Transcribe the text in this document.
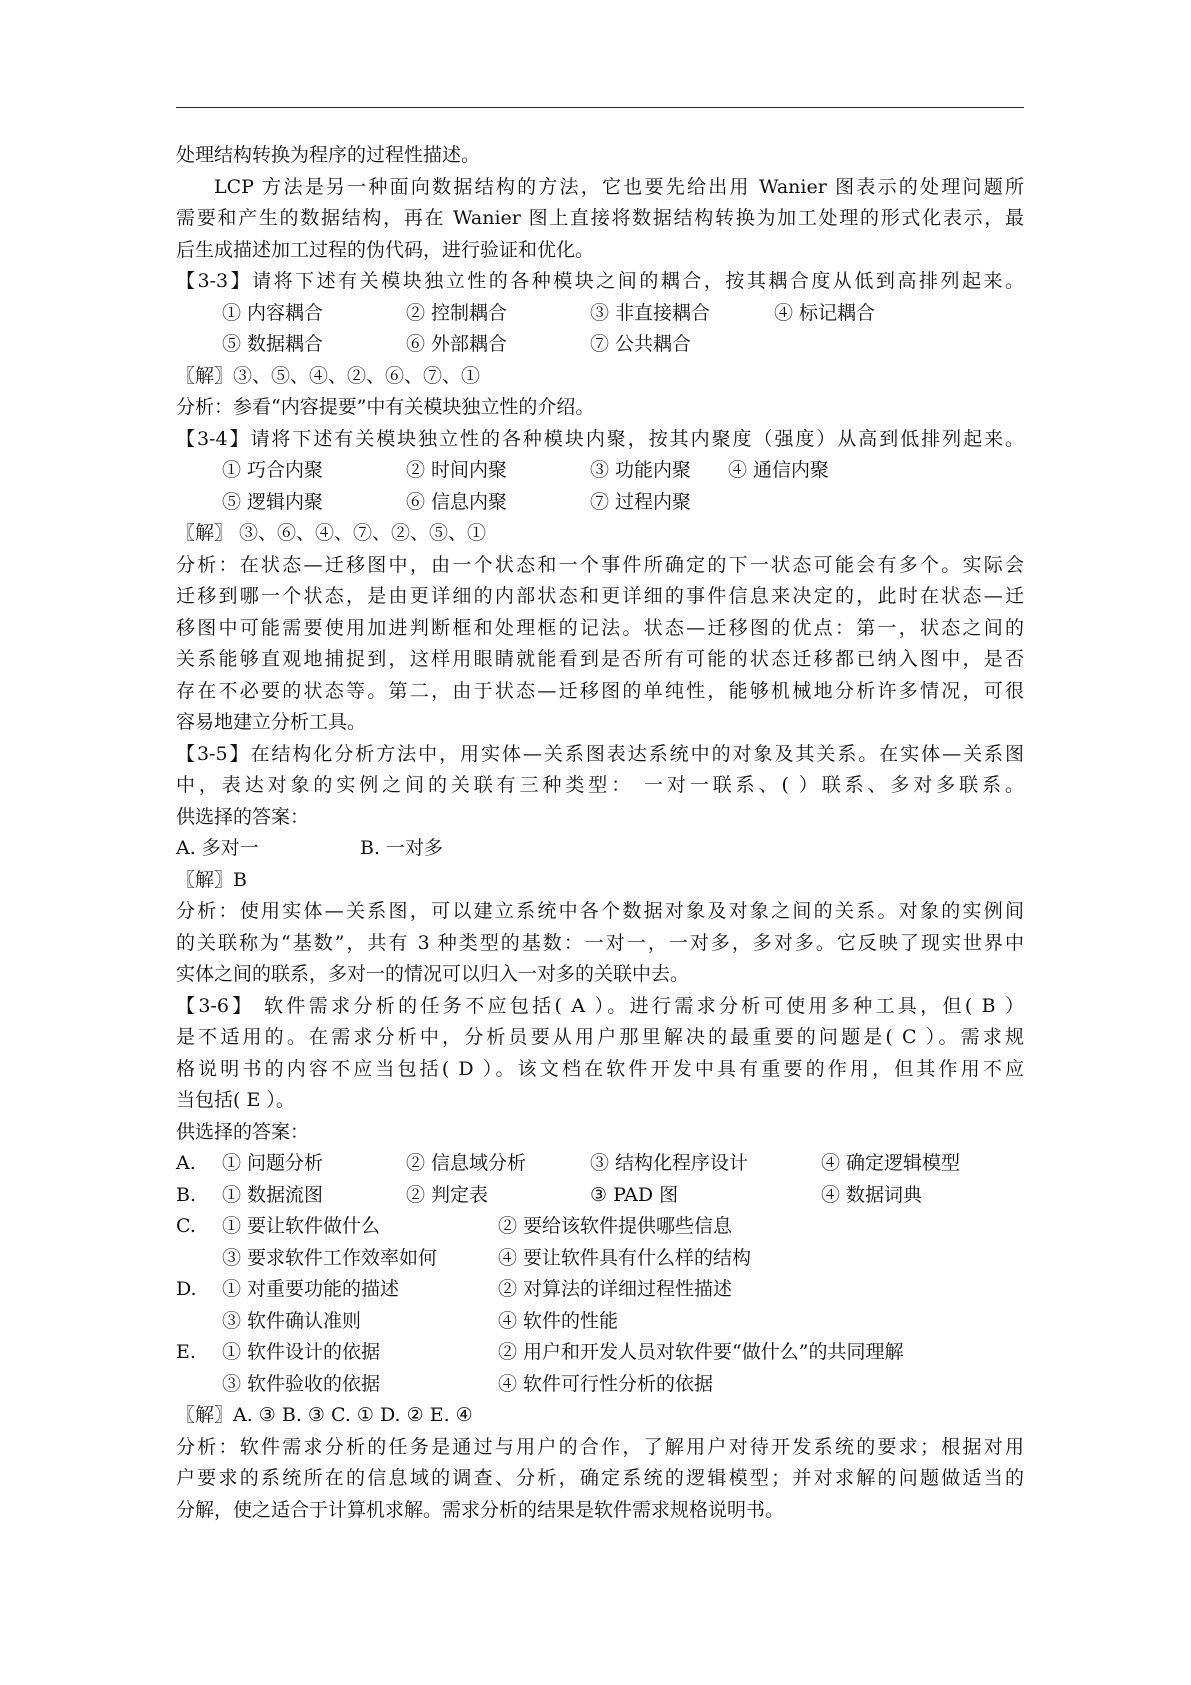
处理结构转换为程序的过程性描述。
LCP 方法是另一种面向数据结构的方法，它也要先给出用 Wanier 图表示的处理问题所
需要和产生的数据结构，再在 Wanier 图上直接将数据结构转换为加工处理的形式化表示，最
后生成描述加工过程的伪代码，进行验证和优化。
【3-3】请将下述有关模块独立性的各种模块之间的耦合，按其耦合度从低到高排列起来。
① 内容耦合	② 控制耦合	③ 非直接耦合	④ 标记耦合
⑤ 数据耦合	⑥ 外部耦合	⑦ 公共耦合
〖解〗③、⑤、④、②、⑥、⑦、①
分析：参看“内容提要”中有关模块独立性的介绍。
【3-4】请将下述有关模块独立性的各种模块内聚，按其内聚度（强度）从高到低排列起来。
① 巧合内聚	② 时间内聚	③ 功能内聚 ④ 通信内聚
⑤ 逻辑内聚	⑥ 信息内聚	⑦ 过程内聚
〖解〗 ③、⑥、④、⑦、②、⑤、①
分析：在状态—迁移图中，由一个状态和一个事件所确定的下一状态可能会有多个。实际会
迁移到哪一个状态，是由更详细的内部状态和更详细的事件信息来决定的，此时在状态—迁
移图中可能需要使用加进判断框和处理框的记法。状态—迁移图的优点：第一，状态之间的
关系能够直观地捕捉到，这样用眼睛就能看到是否所有可能的状态迁移都已纳入图中，是否
存在不必要的状态等。第二，由于状态—迁移图的单纯性，能够机械地分析许多情况，可很
容易地建立分析工具。
【3-5】在结构化分析方法中，用实体—关系图表达系统中的对象及其关系。在实体—关系图
中，表达对象的实例之间的关联有三种类型： 一对一联系、( ）联系、多对多联系。
供选择的答案：
A. 多对一	B. 一对多
〖解〗B
分析：使用实体—关系图，可以建立系统中各个数据对象及对象之间的关系。对象的实例间
的关联称为“基数”，共有 3 种类型的基数：一对一，一对多，多对多。它反映了现实世界中
实体之间的联系，多对一的情况可以归入一对多的关联中去。
【3-6】 软件需求分析的任务不应包括( A ）。进行需求分析可使用多种工具，但( B ）
是不适用的。在需求分析中，分析员要从用户那里解决的最重要的问题是( C ）。需求规
格说明书的内容不应当包括( D ）。该文档在软件开发中具有重要的作用，但其作用不应
当包括( E ）。
供选择的答案：
A. ① 问题分析	② 信息域分析	③ 结构化程序设计	④ 确定逻辑模型
B. ① 数据流图	② 判定表	③ PAD 图	④ 数据词典
C. ① 要让软件做什么	② 要给该软件提供哪些信息
③ 要求软件工作效率如何	④ 要让软件具有什么样的结构
D. ① 对重要功能的描述	② 对算法的详细过程性描述
③ 软件确认准则	④ 软件的性能
E. ① 软件设计的依据	② 用户和开发人员对软件要“做什么”的共同理解
③ 软件验收的依据	④ 软件可行性分析的依据
〖解〗A. ③ B. ③ C. ① D. ② E. ④
分析：软件需求分析的任务是通过与用户的合作，了解用户对待开发系统的要求；根据对用
户要求的系统所在的信息域的调查、分析，确定系统的逻辑模型；并对求解的问题做适当的
分解，使之适合于计算机求解。需求分析的结果是软件需求规格说明书。
